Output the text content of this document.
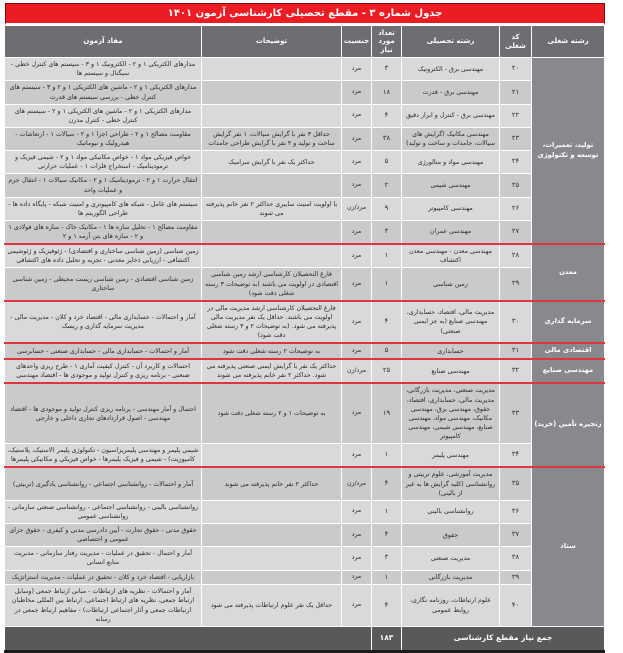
جدول شماره ۳ - مقطع تحصیلی کارشناسی آزمون ۱۴۰۱
رشته شغلی	کد شغلی	رشته تحصیلی	تعداد مورد نیاز	جنسیت	توضیحات	مفاد آزمون
تولید، تعمیرات، توسعه و تکنولوژی	۲۰	مهندسی برق - الکترونیک	۳	مرد		مدارهای الکتریکی ۱ و ۲ - الکترونیک ۱ و ۳ - سیستم های کنترل خطی - سیگنال و سیستم ها
	۲۱	مهندسی برق - قدرت	۱۸	مرد		مدارهای الکتریکی ۱ و ۲ - ماشین های الکتریکی ۱ و ۲ و ۳ - سیستم های کنترل خطی - بررسی سیستم های قدرت
	۲۲	مهندسی برق - کنترل و ابزار دقیق	۴	مرد		مدارهای الکتریکی ۱ و ۲ - ماشین های الکتریکی ۱ و ۲ - سیستم های کنترل خطی - کنترل مدرن
	۲۳	مهندسی مکانیک (گرایش های سیالات، جامدات و ساخت و تولید)	۳۸	مرد	حداقل ۳ نفر با گرایش سیالات، ۱ نفر گرایش ساخت و تولید و ۴ نفر با گرایش طراحی جامدات	مقاومت مصالح ۱ و ۲ - طراحی اجزا ۱ و ۲ - سیالات ۱ - ارتعاشات - هیدرولیک و نیوماتیک
	۲۴	مهندسی مواد و متالورژی	۵	مرد	حداکثر یک نفر با گرایش سرامیک	خواص فیزیکی مواد ۱ - خواص مکانیکی مواد ۱ و ۲ - شیمی فیزیک و ترمودینامیک - استخراج فلزات ۱ - عملیات حرارتی
	۲۵	مهندسی شیمی	۲	مرد		انتقال حرارت ۱ و ۲ - ترمودینامیک ۱ و ۲ - مکانیک سیالات ۱ - انتقال جرم و عملیات واحد
	۲۶	مهندسی کامپیوتر	۹	مرد/زن	با اولویت امنیت سایبری حداکثر ۲ نفر خانم پذیرفته می شوند	سیستم های عامل - شبکه های کامپیوتری و امنیت شبکه - پایگاه داده ها - طراحی الگوریتم ها
	۲۷	مهندسی عمران	۳	مرد		مقاومت مصالح ۱ - تحلیل سازه ها ۱ - مکانیک خاک - سازه های فولادی ۱ و ۲ - سازه های بتن آرمه ۱ و ۲
معدن	۲۸	مهندسی معدن - مهندسی معدن اکتشاف	۱	مرد		زمین شناسی (زمین شناسی ساختاری و اقتصادی) - ژئوفیزیک و ژئوشیمی اکتشافی - ارزیابی ذخایر معدنی - تجزیه و تحلیل داده های اکتشافی
	۲۹	زمین شناسی	۱	مرد	فارغ التحصیلان کارشناسی ارشد زمین شناسی اقتصادی در اولویت می باشند (به توضیحات ۳ رسته شغلی دقت شود)	زمین شناسی اقتصادی - زمین شناسی زیست محیطی - زمین شناسی ساختاری
سرمایه گذاری	۳۰	مدیریت مالی، اقتصاد، حسابداری، مهندسی صنایع (به جز ایمنی صنعتی)	۴	مرد	فارغ التحصیلان کارشناسی ارشد مدیریت مالی در اولویت می باشند. حداقل یک نفر مدیریت مالی پذیرفته می شود. (به توضیحات ۲ و ۳ رسته شغلی دقت شود)	آمار و احتمالات - حسابداری مالی - اقتصاد خرد و کلان - مدیریت مالی - مدیریت سرمایه گذاری و ریسک
اقتصادی مالی	۳۱	حسابداری	۵	مرد	به توضیحات ۲ رسته شغلی دقت شود	آمار و احتمالات - حسابداری مالی - حسابداری صنعتی - حسابرسی
مهندسی صنایع	۳۲	مهندسی صنایع	۲۵	مرد/زن	حداکثر یک نفر با گرایش ایمنی صنعتی پذیرفته می شود. حداکثر ۲ نفر خانم پذیرفته می شوند	احتمالات و کاربرد آن - کنترل کیفیت آماری ۱ - طرح ریزی واحدهای صنعتی - برنامه ریزی و کنترل تولید و موجودی ها - اقتصاد مهندسی
زنجیره تأمین (خرید)	۳۳	مدیریت صنعتی، مدیریت بازرگانی، مدیریت مالی، حسابداری، اقتصاد، حقوق، مهندسی برق، مهندسی مکانیک، مهندسی مواد، مهندسی صنایع، مهندسی شیمی، مهندسی کامپیوتر	۱۹	مرد	به توضیحات ۱ و ۲ رسته شغلی دقت شود	احتمال و آمار مهندسی - برنامه ریزی کنترل تولید و موجودی ها - اقتصاد مهندسی - اصول قراردادهای تجاری داخلی و خارجی
	۳۴	مهندسی پلیمر	۱	مرد		شیمی پلیمر و مهندسی پلیمریزاسیون - تکنولوژی پلیمر (لاستیک، پلاستیک، کامپوزیت) - شیمی و فیزیک پلیمرها - خواص فیزیکی و مکانیکی پلیمرها
ستاد	۳۵	مدیریت آموزشی، علوم تربیتی و روانشناسی (کلیه گرایش ها به غیر از بالینی)	۴	مرد/زن	حداکثر ۲ نفر خانم پذیرفته می شوند	آمار و احتمالات - روانشناسی اجتماعی - روانشناسی یادگیری (تربیتی)
	۳۶	روانشناسی بالینی	۱	مرد		روانشناسی بالینی - روانشناسی اجتماعی - روانشناسی صنعتی سازمانی - روانشناسی عمومی
	۳۷	حقوق	۴	مرد		حقوق مدنی - حقوق تجارت - آیین دادرسی مدنی و کیفری - حقوق جزای عمومی و اختصاصی
	۳۸	مدیریت صنعتی	۳	مرد		آمار و احتمال - تحقیق در عملیات - مدیریت رفتار سازمانی - مدیریت منابع انسانی
	۳۹	مدیریت بازرگانی	۱	مرد		بازاریابی - اقتصاد خرد و کلان - تحقیق در عملیات - مدیریت استراتژیک
	۴۰	علوم ارتباطات، روزنامه نگاری، روابط عمومی	۴	مرد	حداقل یک نفر علوم ارتباطات پذیرفته می شود	آمار و احتمالات - نظریه های ارتباطات - مبانی ارتباط جمعی (وسایل ارتباط جمعی، نظریه های ارتباط اجتماعی، ارتباط بین المللی مخاطبان ارتباطات جمعی و آثار اجتماعی ارتباطات) - مفاهیم ارتباط جمعی در رسانه
جمع نیاز مقطع کارشناسی			۱۸۳			
